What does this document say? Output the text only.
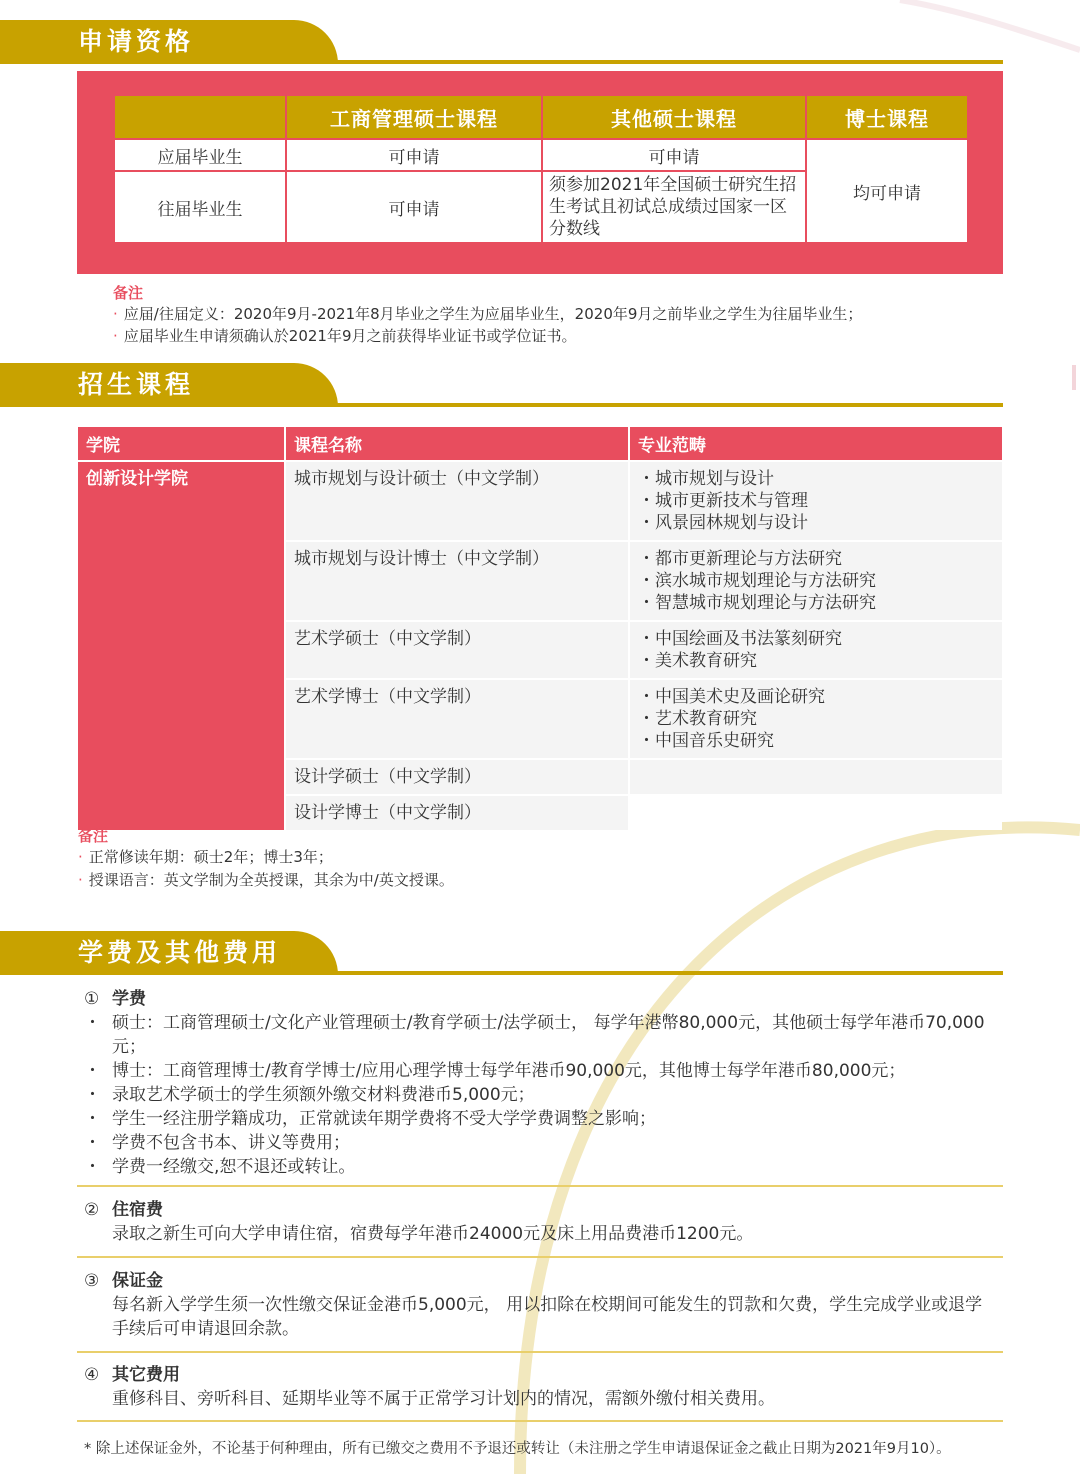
申请资格
	工商管理硕士课程	其他硕士课程	博士课程
应届毕业生	可申请	可申请	均可申请
往届毕业生	可申请	须参加2021年全国硕士研究生招生考试且初试总成绩过国家一区分数线	
备注
· 应届/往届定义：2020年9月-2021年8月毕业之学生为应届毕业生，2020年9月之前毕业之学生为往届毕业生；
· 应届毕业生申请须确认於2021年9月之前获得毕业证书或学位证书。
招生课程
学院	课程名称	专业范畴
创新设计学院	城市规划与设计硕士（中文学制）	・ 城市规划与设计
・ 城市更新技术与管理
・ 风景园林规划与设计

	城市规划与设计博士（中文学制）	・ 都市更新理论与方法研究
・ 滨水城市规划理论与方法研究
・ 智慧城市规划理论与方法研究

	艺术学硕士（中文学制）	・ 中国绘画及书法篆刻研究
・ 美术教育研究

	艺术学博士（中文学制）	・ 中国美术史及画论研究
・ 艺术教育研究
・ 中国音乐史研究

	设计学硕士（中文学制）	
	设计学博士（中文学制）	
备注
· 正常修读年期：硕士2年；博士3年；
· 授课语言：英文学制为全英授课，其余为中/英文授课。
学费及其他费用
① 学费
・ 硕士：工商管理硕士/文化产业管理硕士/教育学硕士/法学硕士， 每学年港幣80,000元，其他硕士每学年港币70,000元；
・ 博士：工商管理博士/教育学博士/应用心理学博士每学年港币90,000元，其他博士每学年港币80,000元；
・ 录取艺术学硕士的学生须额外缴交材料费港币5,000元；
・ 学生一经注册学籍成功，正常就读年期学费将不受大学学费调整之影响；
・ 学费不包含书本、讲义等费用；
・ 学费一经缴交,恕不退还或转让。
② 住宿费
录取之新生可向大学申请住宿，宿费每学年港币24000元及床上用品费港币1200元。
③ 保证金
每名新入学学生须一次性缴交保证金港币5,000元， 用以扣除在校期间可能发生的罚款和欠费，学生完成学业或退学手续后可申请退回余款。
④ 其它费用
重修科目、旁听科目、延期毕业等不属于正常学习计划内的情况，需额外缴付相关费用。
* 除上述保证金外，不论基于何种理由，所有已缴交之费用不予退还或转让（未注册之学生申请退保证金之截止日期为2021年9月10）。
